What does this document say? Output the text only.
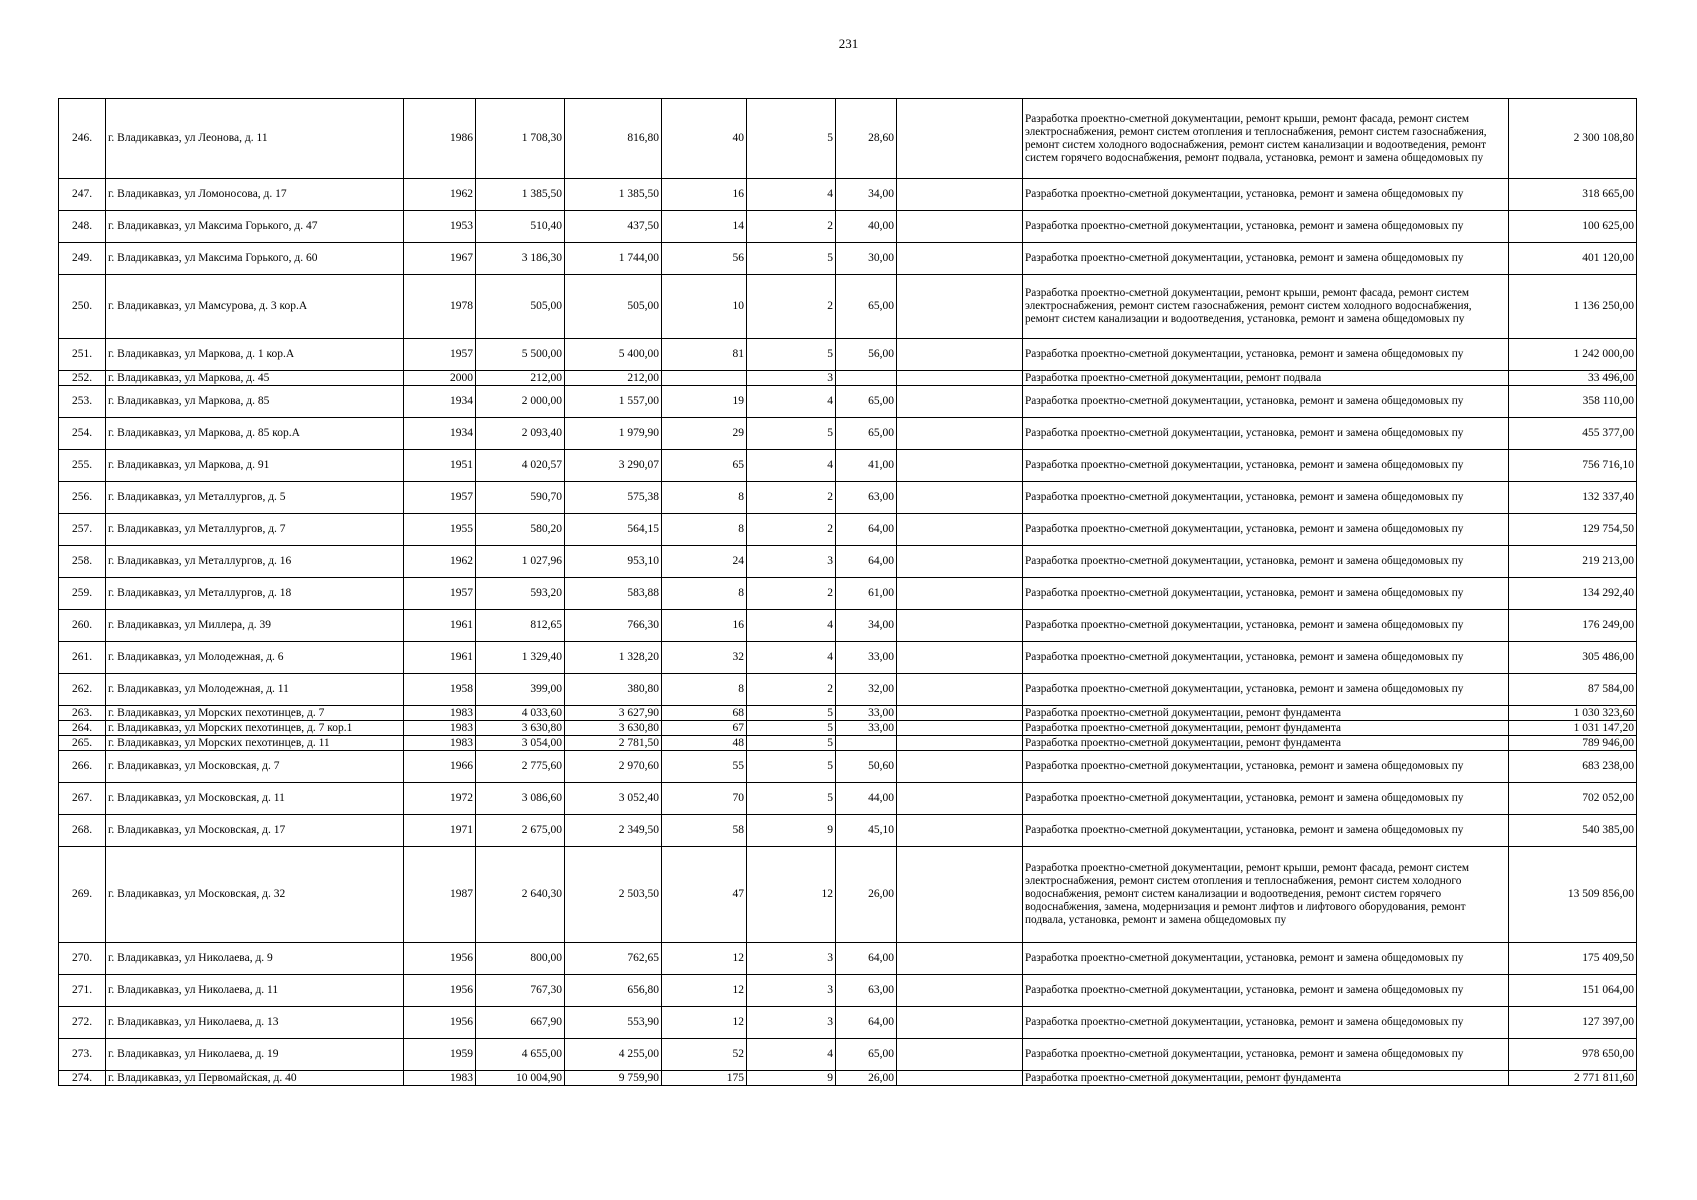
231
246.	г. Владикавказ, ул Леонова, д. 11	1986	1 708,30	816,80	40	5	28,60		Разработка проектно-сметной документации, ремонт крыши, ремонт фасада, ремонт систем электроснабжения, ремонт систем отопления и теплоснабжения, ремонт систем газоснабжения, ремонт систем холодного водоснабжения, ремонт систем канализации и водоотведения, ремонт систем горячего водоснабжения, ремонт подвала, установка, ремонт и замена общедомовых пу	2 300 108,80
247.	г. Владикавказ, ул Ломоносова, д. 17	1962	1 385,50	1 385,50	16	4	34,00		Разработка проектно-сметной документации, установка, ремонт и замена общедомовых пу	318 665,00
248.	г. Владикавказ, ул Максима Горького, д. 47	1953	510,40	437,50	14	2	40,00		Разработка проектно-сметной документации, установка, ремонт и замена общедомовых пу	100 625,00
249.	г. Владикавказ, ул Максима Горького, д. 60	1967	3 186,30	1 744,00	56	5	30,00		Разработка проектно-сметной документации, установка, ремонт и замена общедомовых пу	401 120,00
250.	г. Владикавказ, ул Мамсурова, д. 3 кор.А	1978	505,00	505,00	10	2	65,00		Разработка проектно-сметной документации, ремонт крыши, ремонт фасада, ремонт систем электроснабжения, ремонт систем газоснабжения, ремонт систем холодного водоснабжения, ремонт систем канализации и водоотведения, установка, ремонт и замена общедомовых пу	1 136 250,00
251.	г. Владикавказ, ул Маркова, д. 1 кор.А	1957	5 500,00	5 400,00	81	5	56,00		Разработка проектно-сметной документации, установка, ремонт и замена общедомовых пу	1 242 000,00
252.	г. Владикавказ, ул Маркова, д. 45	2000	212,00	212,00		3			Разработка проектно-сметной документации, ремонт подвала	33 496,00
253.	г. Владикавказ, ул Маркова, д. 85	1934	2 000,00	1 557,00	19	4	65,00		Разработка проектно-сметной документации, установка, ремонт и замена общедомовых пу	358 110,00
254.	г. Владикавказ, ул Маркова, д. 85 кор.А	1934	2 093,40	1 979,90	29	5	65,00		Разработка проектно-сметной документации, установка, ремонт и замена общедомовых пу	455 377,00
255.	г. Владикавказ, ул Маркова, д. 91	1951	4 020,57	3 290,07	65	4	41,00		Разработка проектно-сметной документации, установка, ремонт и замена общедомовых пу	756 716,10
256.	г. Владикавказ, ул Металлургов, д. 5	1957	590,70	575,38	8	2	63,00		Разработка проектно-сметной документации, установка, ремонт и замена общедомовых пу	132 337,40
257.	г. Владикавказ, ул Металлургов, д. 7	1955	580,20	564,15	8	2	64,00		Разработка проектно-сметной документации, установка, ремонт и замена общедомовых пу	129 754,50
258.	г. Владикавказ, ул Металлургов, д. 16	1962	1 027,96	953,10	24	3	64,00		Разработка проектно-сметной документации, установка, ремонт и замена общедомовых пу	219 213,00
259.	г. Владикавказ, ул Металлургов, д. 18	1957	593,20	583,88	8	2	61,00		Разработка проектно-сметной документации, установка, ремонт и замена общедомовых пу	134 292,40
260.	г. Владикавказ, ул Миллера, д. 39	1961	812,65	766,30	16	4	34,00		Разработка проектно-сметной документации, установка, ремонт и замена общедомовых пу	176 249,00
261.	г. Владикавказ, ул Молодежная, д. 6	1961	1 329,40	1 328,20	32	4	33,00		Разработка проектно-сметной документации, установка, ремонт и замена общедомовых пу	305 486,00
262.	г. Владикавказ, ул Молодежная, д. 11	1958	399,00	380,80	8	2	32,00		Разработка проектно-сметной документации, установка, ремонт и замена общедомовых пу	87 584,00
263.	г. Владикавказ, ул Морских пехотинцев, д. 7	1983	4 033,60	3 627,90	68	5	33,00		Разработка проектно-сметной документации, ремонт фундамента	1 030 323,60
264.	г. Владикавказ, ул Морских пехотинцев, д. 7 кор.1	1983	3 630,80	3 630,80	67	5	33,00		Разработка проектно-сметной документации, ремонт фундамента	1 031 147,20
265.	г. Владикавказ, ул Морских пехотинцев, д. 11	1983	3 054,00	2 781,50	48	5			Разработка проектно-сметной документации, ремонт фундамента	789 946,00
266.	г. Владикавказ, ул Московская, д. 7	1966	2 775,60	2 970,60	55	5	50,60		Разработка проектно-сметной документации, установка, ремонт и замена общедомовых пу	683 238,00
267.	г. Владикавказ, ул Московская, д. 11	1972	3 086,60	3 052,40	70	5	44,00		Разработка проектно-сметной документации, установка, ремонт и замена общедомовых пу	702 052,00
268.	г. Владикавказ, ул Московская, д. 17	1971	2 675,00	2 349,50	58	9	45,10		Разработка проектно-сметной документации, установка, ремонт и замена общедомовых пу	540 385,00
269.	г. Владикавказ, ул Московская, д. 32	1987	2 640,30	2 503,50	47	12	26,00		Разработка проектно-сметной документации, ремонт крыши, ремонт фасада, ремонт систем электроснабжения, ремонт систем отопления и теплоснабжения, ремонт систем холодного водоснабжения, ремонт систем канализации и водоотведения, ремонт систем горячего водоснабжения, замена, модернизация и ремонт лифтов и лифтового оборудования, ремонт подвала, установка, ремонт и замена общедомовых пу	13 509 856,00
270.	г. Владикавказ, ул Николаева, д. 9	1956	800,00	762,65	12	3	64,00		Разработка проектно-сметной документации, установка, ремонт и замена общедомовых пу	175 409,50
271.	г. Владикавказ, ул Николаева, д. 11	1956	767,30	656,80	12	3	63,00		Разработка проектно-сметной документации, установка, ремонт и замена общедомовых пу	151 064,00
272.	г. Владикавказ, ул Николаева, д. 13	1956	667,90	553,90	12	3	64,00		Разработка проектно-сметной документации, установка, ремонт и замена общедомовых пу	127 397,00
273.	г. Владикавказ, ул Николаева, д. 19	1959	4 655,00	4 255,00	52	4	65,00		Разработка проектно-сметной документации, установка, ремонт и замена общедомовых пу	978 650,00
274.	г. Владикавказ, ул Первомайская, д. 40	1983	10 004,90	9 759,90	175	9	26,00		Разработка проектно-сметной документации, ремонт фундамента	2 771 811,60
